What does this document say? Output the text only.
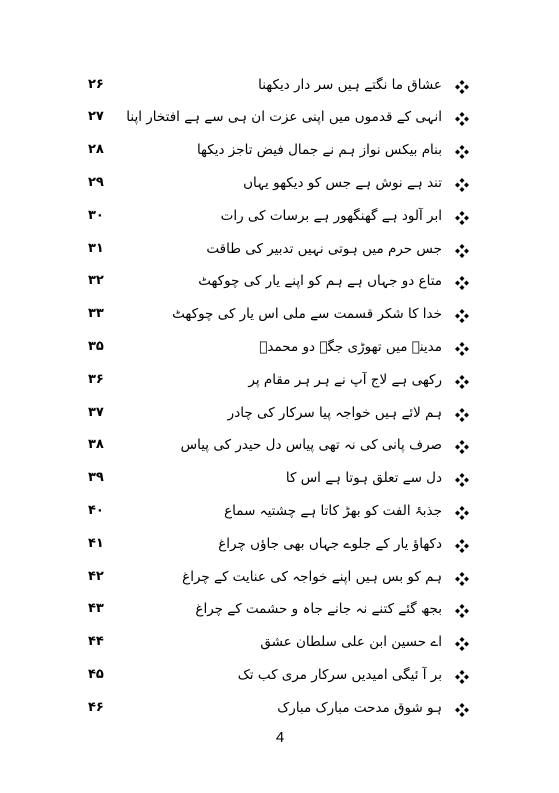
عشاق ما نگتے ہیں سر دار دیکھنا
۲۶
انہی کے قدموں میں اپنی عزت ان ہی سے ہے افتخار اپنا
۲۷
بنام بیکس نواز ہم نے جمال فیض تاجز دیکھا
۲۸
تند ہے نوش ہے جس کو دیکھو یہاں
۲۹
ابر آلود ہے گھنگھور ہے برسات کی رات
۳۰
جس حرم میں ہوتی نہیں تدبیر کی طاقت
۳۱
متاع دو جہاں ہے ہم کو اپنے یار کی چوکھٹ
۳۲
خدا کا شکر قسمت سے ملی اس یار کی چوکھٹ
۳۳
مدینہ میں تھوڑی جگہ دو محمدؐ
۳۵
رکھی ہے لاج آپ نے ہر ہر مقام پر
۳۶
ہم لائے ہیں خواجہ پیا سرکار کی چادر
۳۷
صرف پانی کی نہ تھی پیاس دل حیدر کی پیاس
۳۸
دل سے تعلق ہوتا ہے اس کا
۳۹
جذبۂ الفت کو بھڑ کاتا ہے چشتیہ سماع
۴۰
دکھاؤ یار کے جلوے جہاں بھی جاؤں چراغ
۴۱
ہم کو بس ہیں اپنے خواجہ کی عنایت کے چراغ
۴۲
بجھ گئے کتنے نہ جانے جاہ و حشمت کے چراغ
۴۳
اے حسین ابن علی سلطان عشق
۴۴
بر آ ئیگی امیدیں سرکار مری کب تک
۴۵
ہو شوق مدحت مبارک مبارک
۴۶
4
